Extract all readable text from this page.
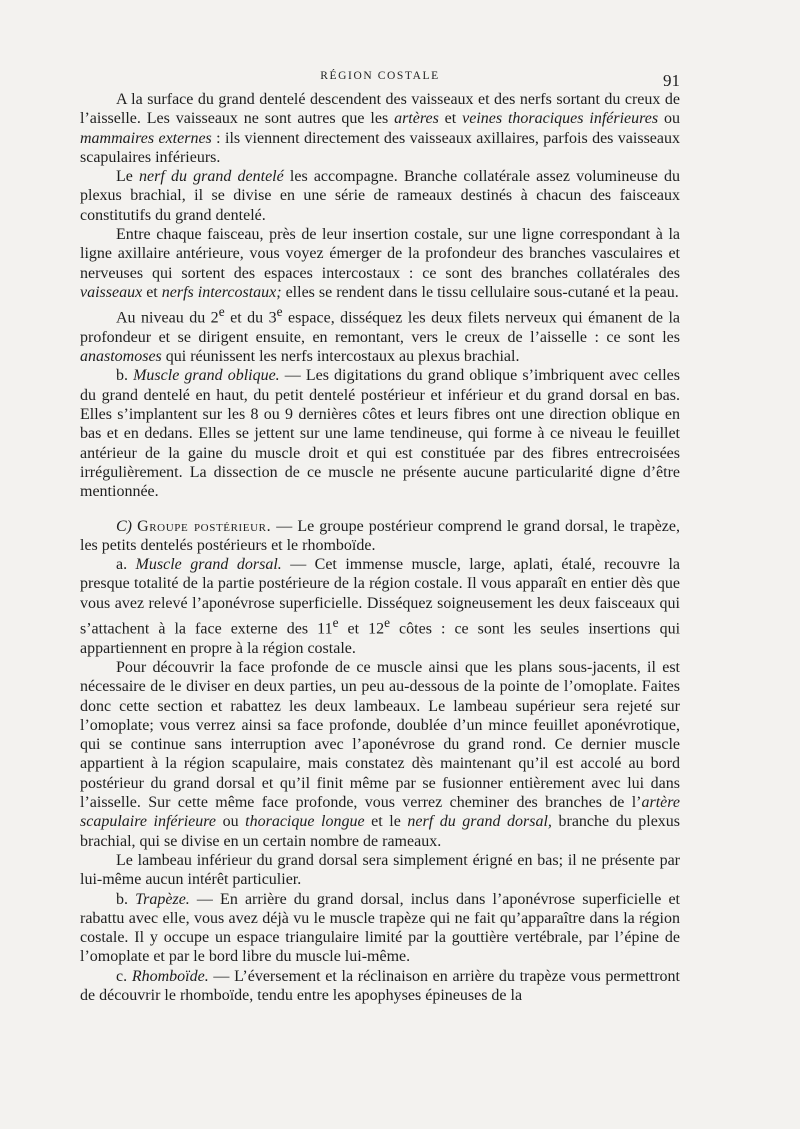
RÉGION COSTALE	91

A la surface du grand dentelé descendent des vaisseaux et des nerfs sortant du creux de l’aisselle. Les vaisseaux ne sont autres que les artères et veines thoraciques inférieures ou mammaires externes : ils viennent directement des vaisseaux axillaires, parfois des vaisseaux scapulaires inférieurs.

Le nerf du grand dentelé les accompagne. Branche collatérale assez volumineuse du plexus brachial, il se divise en une série de rameaux destinés à chacun des faisceaux constitutifs du grand dentelé.

Entre chaque faisceau, près de leur insertion costale, sur une ligne correspondant à la ligne axillaire antérieure, vous voyez émerger de la profondeur des branches vasculaires et nerveuses qui sortent des espaces intercostaux : ce sont des branches collatérales des vaisseaux et nerfs intercostaux; elles se rendent dans le tissu cellulaire sous-cutané et la peau.

Au niveau du 2e et du 3e espace, disséquez les deux filets nerveux qui émanent de la profondeur et se dirigent ensuite, en remontant, vers le creux de l’aisselle : ce sont les anastomoses qui réunissent les nerfs intercostaux au plexus brachial.

b. Muscle grand oblique. — Les digitations du grand oblique s’imbriquent avec celles du grand dentelé en haut, du petit dentelé postérieur et inférieur et du grand dorsal en bas. Elles s’implantent sur les 8 ou 9 dernières côtes et leurs fibres ont une direction oblique en bas et en dedans. Elles se jettent sur une lame tendineuse, qui forme à ce niveau le feuillet antérieur de la gaine du muscle droit et qui est constituée par des fibres entrecroisées irrégulièrement. La dissection de ce muscle ne présente aucune particularité digne d’être mentionnée.

C) Groupe postérieur. — Le groupe postérieur comprend le grand dorsal, le trapèze, les petits dentelés postérieurs et le rhomboïde.

a. Muscle grand dorsal. — Cet immense muscle, large, aplati, étalé, recouvre la presque totalité de la partie postérieure de la région costale. Il vous apparaît en entier dès que vous avez relevé l’aponévrose superficielle. Disséquez soigneusement les deux faisceaux qui s’attachent à la face externe des 11e et 12e côtes : ce sont les seules insertions qui appartiennent en propre à la région costale.

Pour découvrir la face profonde de ce muscle ainsi que les plans sous-jacents, il est nécessaire de le diviser en deux parties, un peu au-dessous de la pointe de l’omoplate. Faites donc cette section et rabattez les deux lambeaux. Le lambeau supérieur sera rejeté sur l’omoplate; vous verrez ainsi sa face profonde, doublée d’un mince feuillet aponévrotique, qui se continue sans interruption avec l’aponévrose du grand rond. Ce dernier muscle appartient à la région scapulaire, mais constatez dès maintenant qu’il est accolé au bord postérieur du grand dorsal et qu’il finit même par se fusionner entièrement avec lui dans l’aisselle. Sur cette même face profonde, vous verrez cheminer des branches de l’artère scapulaire inférieure ou thoracique longue et le nerf du grand dorsal, branche du plexus brachial, qui se divise en un certain nombre de rameaux.

Le lambeau inférieur du grand dorsal sera simplement érigné en bas; il ne présente par lui-même aucun intérêt particulier.

b. Trapèze. — En arrière du grand dorsal, inclus dans l’aponévrose superficielle et rabattu avec elle, vous avez déjà vu le muscle trapèze qui ne fait qu’apparaître dans la région costale. Il y occupe un espace triangulaire limité par la gouttière vertébrale, par l’épine de l’omoplate et par le bord libre du muscle lui-même.

c. Rhomboïde. — L’éversement et la réclinaison en arrière du trapèze vous permettront de découvrir le rhomboïde, tendu entre les apophyses épineuses de la
